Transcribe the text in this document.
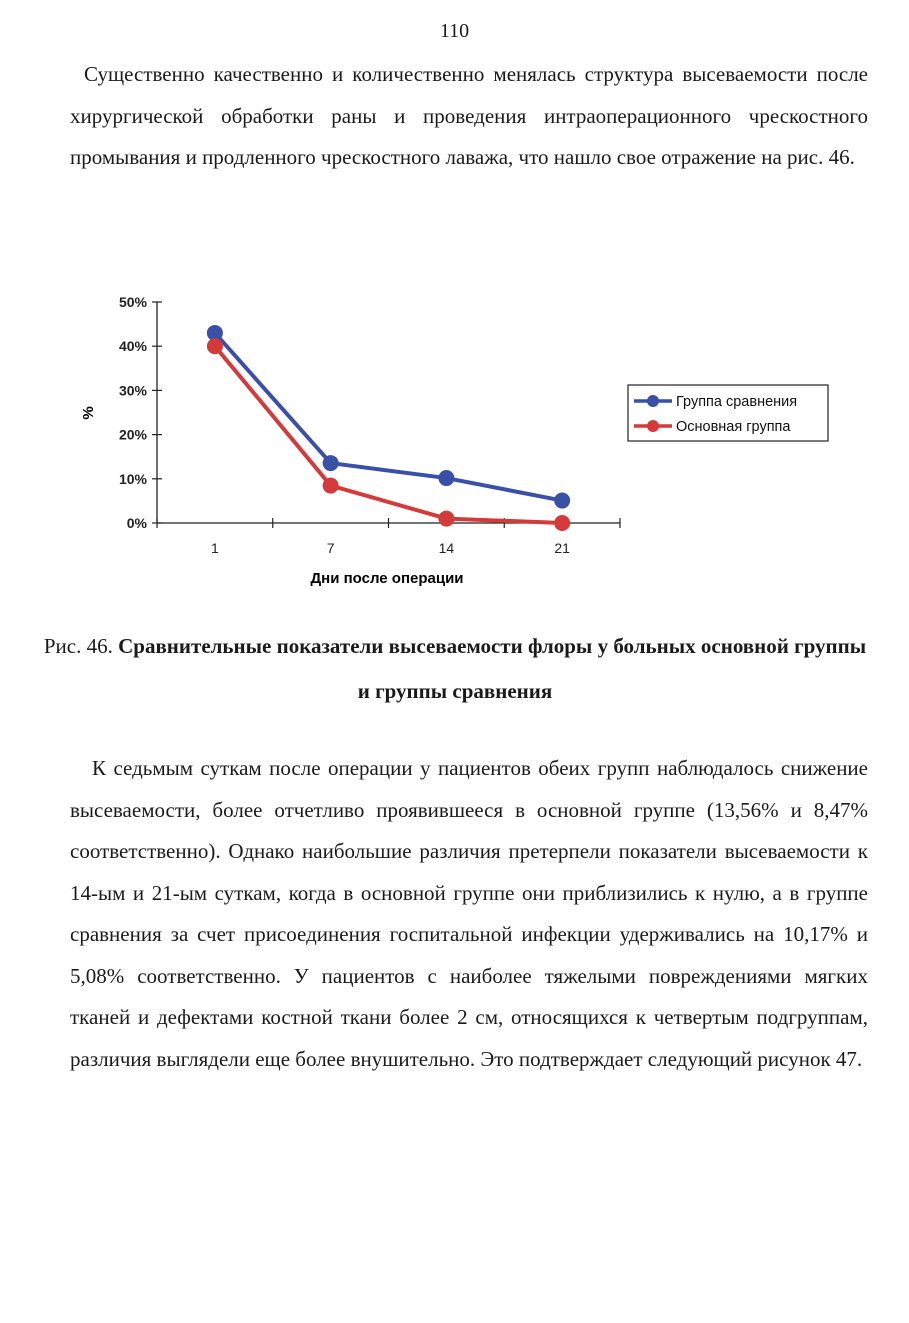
110

Существенно качественно и количественно менялась структура высеваемости после хирургической обработки раны и проведения интраоперационного чрескостного промывания и продленного чрескостного лаважа, что нашло свое отражение на рис. 46.

0%
10%
20%
30%
40%
50%
1	7	14	21
%
Дни после операции
Группа сравнения
Основная группа

Рис. 46. Сравнительные показатели высеваемости флоры у больных основной группы и группы сравнения

К седьмым суткам после операции у пациентов обеих групп наблюдалось снижение высеваемости, более отчетливо проявившееся в основной группе (13,56% и 8,47% соответственно). Однако наибольшие различия претерпели показатели высеваемости к 14-ым и 21-ым суткам, когда в основной группе они приблизились к нулю, а в группе сравнения за счет присоединения госпитальной инфекции удерживались на 10,17% и 5,08% соответственно. У пациентов с наиболее тяжелыми повреждениями мягких тканей и дефектами костной ткани более 2 см, относящихся к четвертым подгруппам, различия выглядели еще более внушительно. Это подтверждает следующий рисунок 47.
